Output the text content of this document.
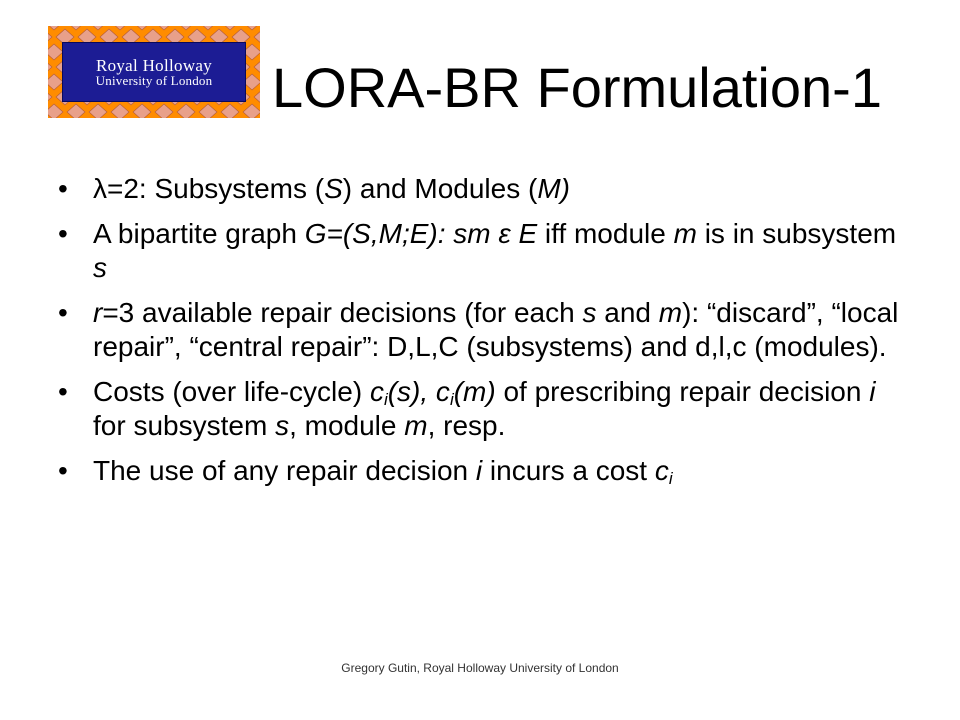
Royal Holloway
University of London LORA-BR Formulation-1
• λ=2: Subsystems (S) and Modules (M)
• A bipartite graph G=(S,M;E): sm ε E iff module m is in subsystem s
• r=3 available repair decisions (for each s and m): “discard”, “local repair”, “central repair”: D,L,C (subsystems) and d,l,c (modules).
• Costs (over life-cycle) $c_i(s)$, $c_i(m)$ of prescribing repair decision i for subsystem s, module m, resp.
• The use of any repair decision i incurs a cost $c_i$
Gregory Gutin, Royal Holloway University of London
